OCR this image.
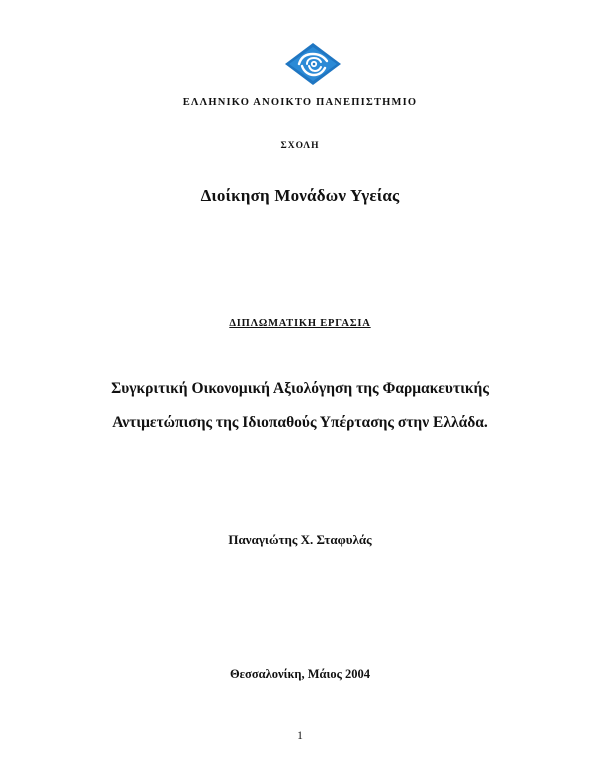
ΕΛΛΗΝΙΚΟ ΑΝΟΙΚΤΟ ΠΑΝΕΠΙΣΤΗΜΙΟ
ΣΧΟΛΗ
Διοίκηση Μονάδων Υγείας
ΔΙΠΛΩΜΑΤΙΚΗ ΕΡΓΑΣΙΑ
Συγκριτική Οικονομική Αξιολόγηση της Φαρμακευτικής
Αντιμετώπισης της Ιδιοπαθούς Υπέρτασης στην Ελλάδα.
Παναγιώτης Χ. Σταφυλάς
Θεσσαλονίκη, Μάιος 2004
1
